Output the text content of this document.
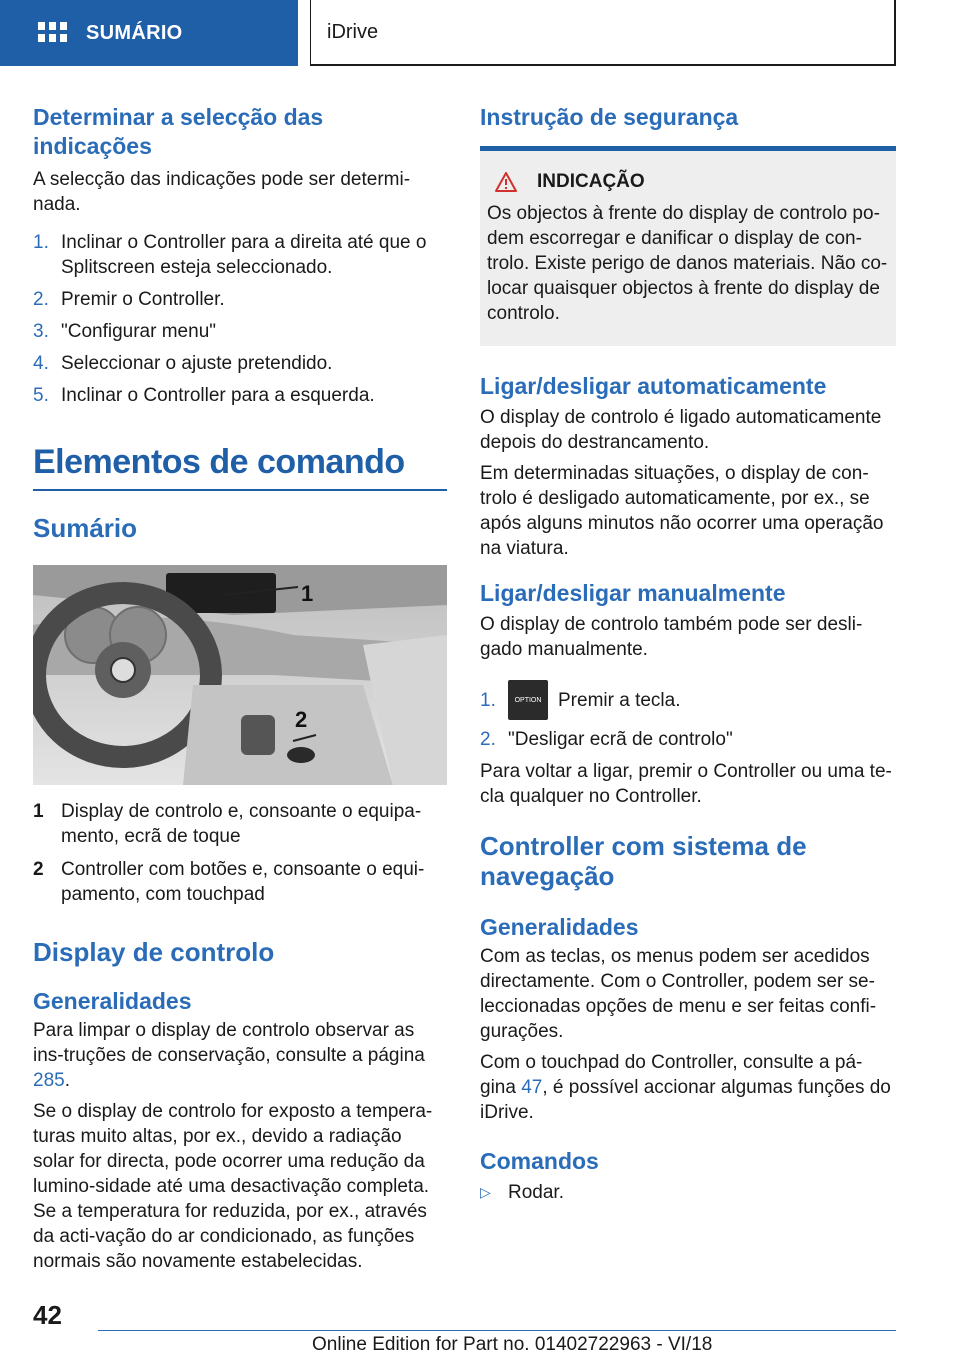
SUMÁRIO	iDrive
Determinar a selecção das indicações

A selecção das indicações pode ser determi-nada.

1. Inclinar o Controller para a direita até que o Splitscreen esteja seleccionado.
2. Premir o Controller.
3. "Configurar menu"
4. Seleccionar o ajuste pretendido.
5. Inclinar o Controller para a esquerda.
Elementos de comando
Sumário
1
2
1 Display de controlo e, consoante o equipa-mento, ecrã de toque
2 Controller com botões e, consoante o equi-pamento, com touchpad
Display de controlo
Generalidades

Para limpar o display de controlo observar as ins-truções de conservação, consulte a página 285.

Se o display de controlo for exposto a tempera-turas muito altas, por ex., devido a radiação solar for directa, pode ocorrer uma redução da lumino-sidade até uma desactivação completa. Se a temperatura for reduzida, por ex., através da acti-vação do ar condicionado, as funções normais são novamente estabelecidas.

Instrução de segurança
INDICAÇÃO

Os objectos à frente do display de controlo po-dem escorregar e danificar o display de con-trolo. Existe perigo de danos materiais. Não co-locar quaisquer objectos à frente do display de controlo.

Ligar/desligar automaticamente

O display de controlo é ligado automaticamente depois do destrancamento.

Em determinadas situações, o display de con-trolo é desligado automaticamente, por ex., se após alguns minutos não ocorrer uma operação na viatura.

Ligar/desligar manualmente

O display de controlo também pode ser desli-gado manualmente.

1.	OPTION Premir a tecla.
2. "Desligar ecrã de controlo"

Para voltar a ligar, premir o Controller ou uma te-cla qualquer no Controller.

Controller com sistema de navegação
Generalidades

Com as teclas, os menus podem ser acedidos directamente. Com o Controller, podem ser se-leccionadas opções de menu e ser feitas confi-gurações.

Com o touchpad do Controller, consulte a pá-gina 47, é possível accionar algumas funções do iDrive.

Comandos
▷ Rodar.
42
Online Edition for Part no. 01402722963 - VI/18
